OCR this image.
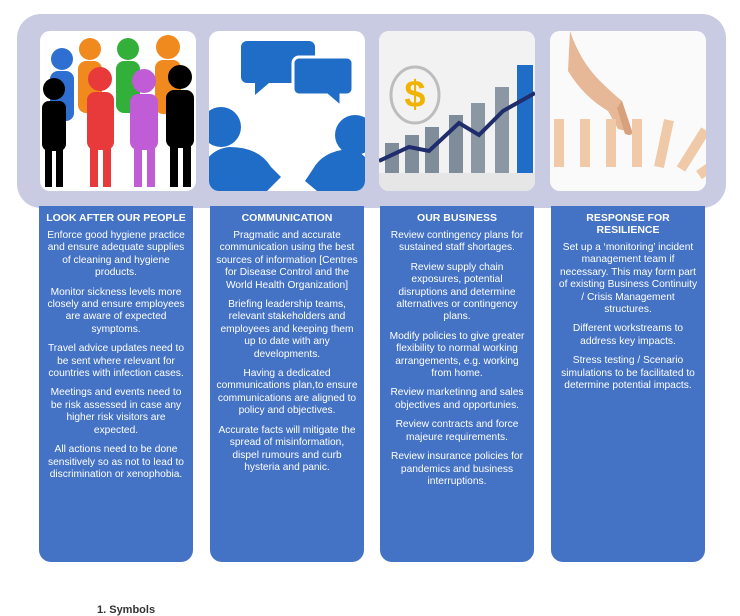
$
LOOK AFTER OUR PEOPLE

Enforce good hygiene practice and ensure adequate supplies of cleaning and hygiene products.

Monitor sickness levels more closely and ensure employees are aware of expected symptoms.

Travel advice updates need to be sent where relevant for countries with infection cases.

Meetings and events need to be risk assessed in case any higher risk visitors are expected.

All actions need to be done sensitively so as not to lead to discrimination or xenophobia.

COMMUNICATION

Pragmatic and accurate communication using the best sources of information [Centres for Disease Control and the World Health Organization]

Briefing leadership teams, relevant stakeholders and employees and keeping them up to date with any developments.

Having a dedicated communications plan,to ensure communications are aligned to policy and objectives.

Accurate facts will mitigate the spread of misinformation, dispel rumours and curb hysteria and panic.

OUR BUSINESS

Review contingency plans for sustained staff shortages.

Review supply chain exposures, potential disruptions and determine alternatives or contingency plans.

Modify policies to give greater flexibility to normal working arrangements, e.g. working from home.

Review marketinng and sales objectives and opportunies.

Review contracts and force majeure requirements.

Review insurance policies for pandemics and business interruptions.

RESPONSE FOR RESILIENCE

Set up a ‘monitoring’ incident management team if necessary. This may form part of existing Business Continuity / Crisis Management structures.

Different workstreams to address key impacts.

Stress testing / Scenario simulations to be facilitated to determine potential impacts.

1. Symbols
